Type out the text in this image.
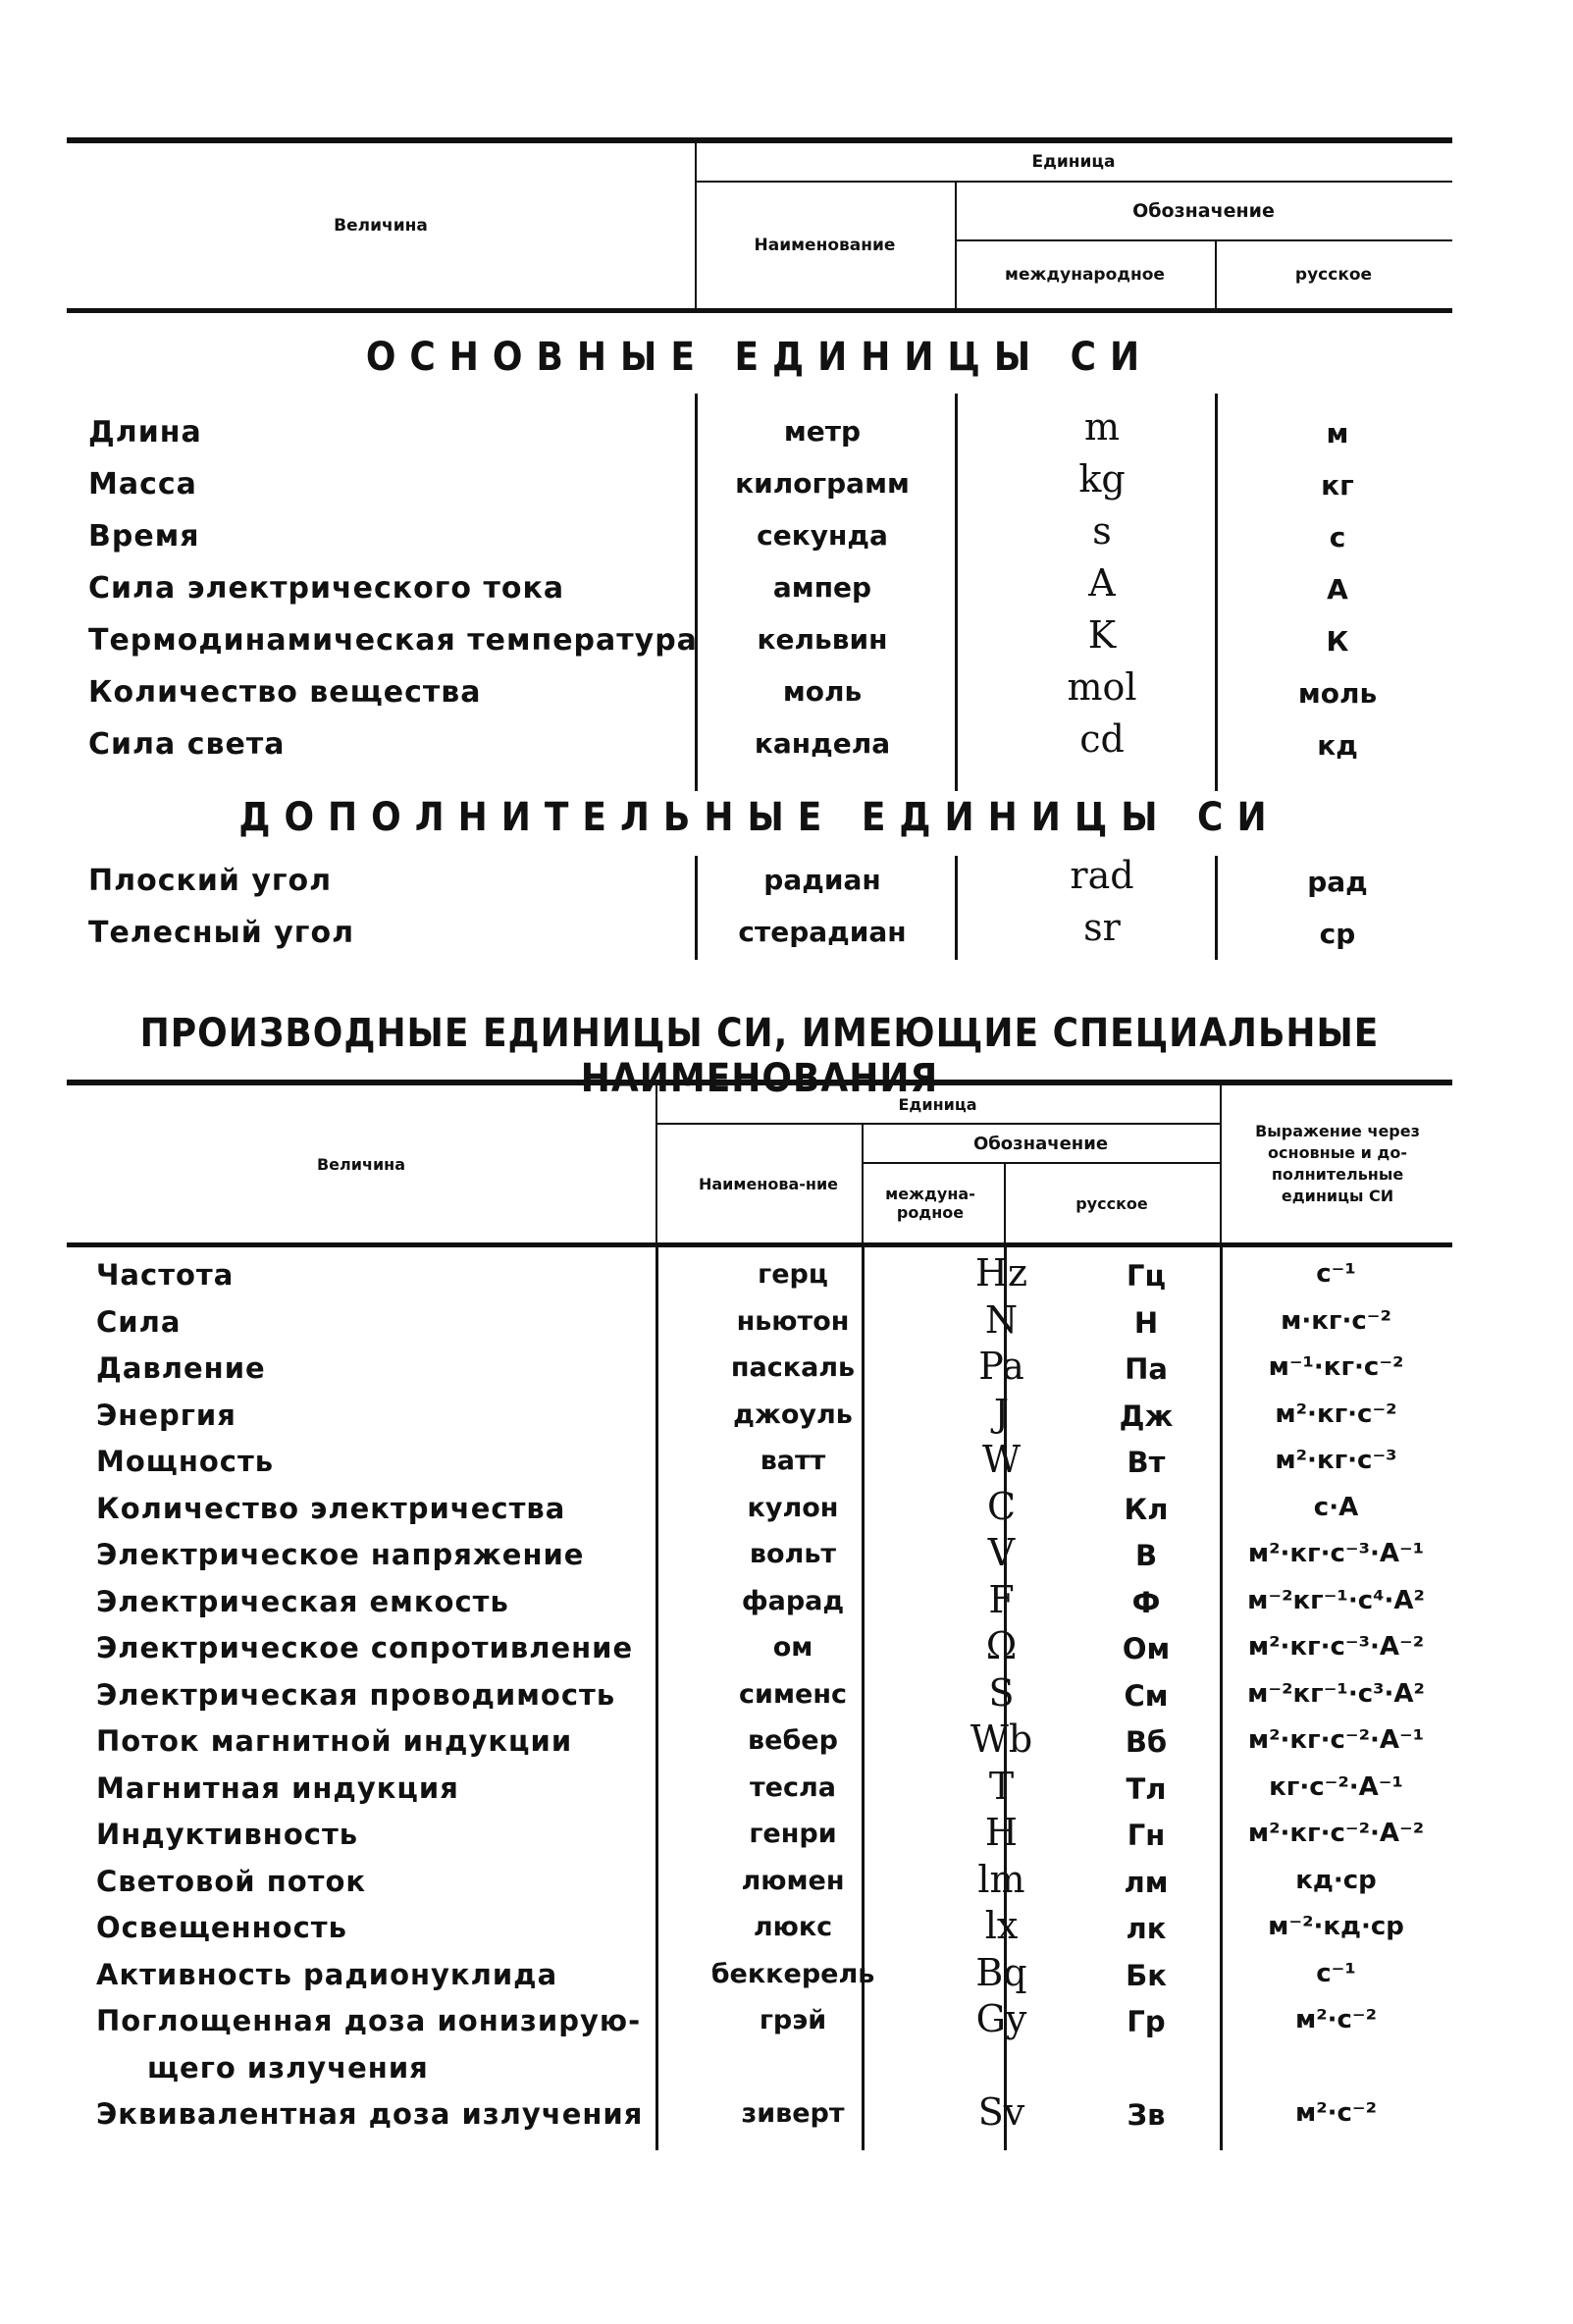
Величина
Единица
Наименование
Обозначение
международное	русское
ОСНОВНЫЕ ЕДИНИЦЫ СИ
Длина	метр	m	м
Масса	килограмм	kg	кг
Время	секунда	s	с
Сила электрического тока	ампер	A	А
Термодинамическая температура	кельвин	K	К
Количество вещества	моль	mol	моль
Сила света	кандела	cd	кд
ДОПОЛНИТЕЛЬНЫЕ ЕДИНИЦЫ СИ
Плоский угол	радиан	rad	рад
Телесный угол	стерадиан	sr	ср
ПРОИЗВОДНЫЕ ЕДИНИЦЫ СИ, ИМЕЮЩИЕ СПЕЦИАЛЬНЫЕ НАИМЕНОВАНИЯ
Величина
Единица
Наименова-ние
Обозначение
междуна-родное	русское
Выражение через основные и до-полнительные единицы СИ
Частота	герц	Hz	Гц	с⁻¹
Сила	ньютон	N	Н	м·кг·с⁻²
Давление	паскаль	Pa	Па	м⁻¹·кг·с⁻²
Энергия	джоуль	J	Дж	м²·кг·с⁻²
Мощность	ватт	W	Вт	м²·кг·с⁻³
Количество электричества	кулон	C	Кл	с·А
Электрическое напряжение	вольт	V	В	м²·кг·с⁻³·А⁻¹
Электрическая емкость	фарад	F	Ф	м⁻²кг⁻¹·с⁴·А²
Электрическое сопротивление	ом	Ω	Ом	м²·кг·с⁻³·А⁻²
Электрическая проводимость	сименс	S	См	м⁻²кг⁻¹·с³·А²
Поток магнитной индукции	вебер	Wb	Вб	м²·кг·с⁻²·А⁻¹
Магнитная индукция	тесла	T	Тл	кг·с⁻²·А⁻¹
Индуктивность	генри	H	Гн	м²·кг·с⁻²·А⁻²
Световой поток	люмен	lm	лм	кд·ср
Освещенность	люкс	lx	лк	м⁻²·кд·ср
Активность радионуклида	беккерель	Bq	Бк	с⁻¹
Поглощенная доза ионизирую-	грэй	Gy	Гр	м²·с⁻²
щего излучения
Эквивалентная доза излучения	зиверт	Sv	Зв	м²·с⁻²
